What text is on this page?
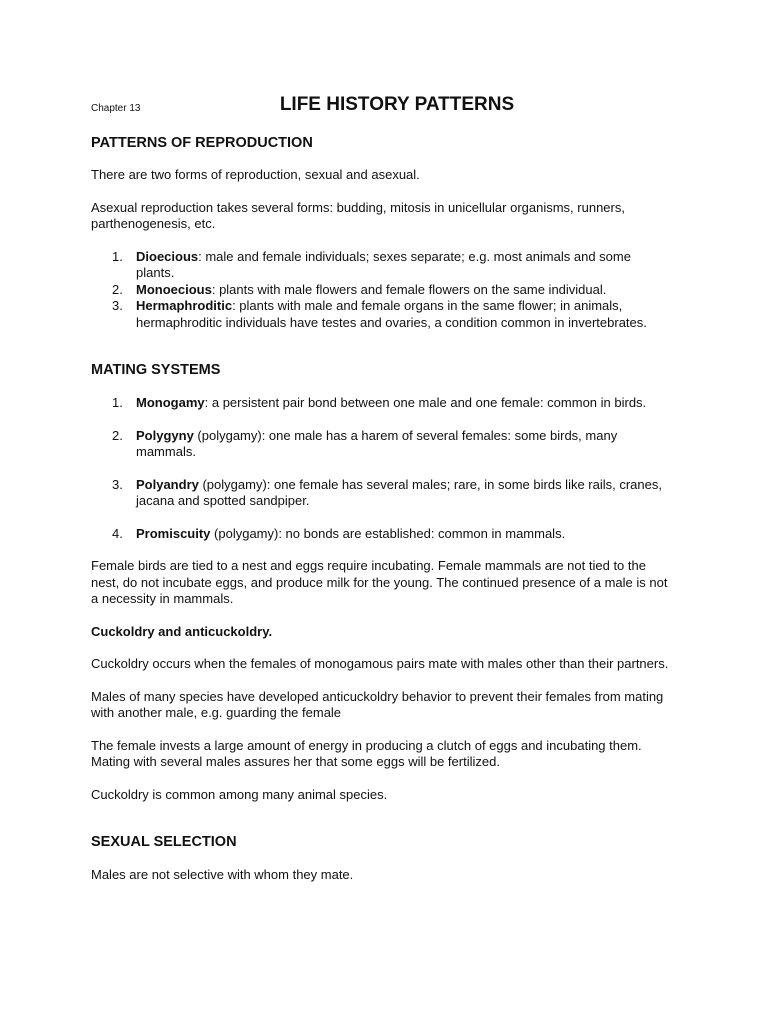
Chapter 13	LIFE HISTORY PATTERNS
PATTERNS OF REPRODUCTION

There are two forms of reproduction, sexual and asexual.

Asexual reproduction takes several forms: budding, mitosis in unicellular organisms, runners, parthenogenesis, etc.

1. Dioecious: male and female individuals; sexes separate; e.g. most animals and some plants.
2. Monoecious: plants with male flowers and female flowers on the same individual.
3. Hermaphroditic: plants with male and female organs in the same flower; in animals, hermaphroditic individuals have testes and ovaries, a condition common in invertebrates.
MATING SYSTEMS
1. Monogamy: a persistent pair bond between one male and one female: common in birds.
2. Polygyny (polygamy): one male has a harem of several females: some birds, many mammals.
3. Polyandry (polygamy): one female has several males; rare, in some birds like rails, cranes, jacana and spotted sandpiper.
4. Promiscuity (polygamy): no bonds are established: common in mammals.

Female birds are tied to a nest and eggs require incubating. Female mammals are not tied to the nest, do not incubate eggs, and produce milk for the young. The continued presence of a male is not a necessity in mammals.

Cuckoldry and anticuckoldry.

Cuckoldry occurs when the females of monogamous pairs mate with males other than their partners.

Males of many species have developed anticuckoldry behavior to prevent their females from mating with another male, e.g. guarding the female

The female invests a large amount of energy in producing a clutch of eggs and incubating them. Mating with several males assures her that some eggs will be fertilized.

Cuckoldry is common among many animal species.

SEXUAL SELECTION

Males are not selective with whom they mate.
